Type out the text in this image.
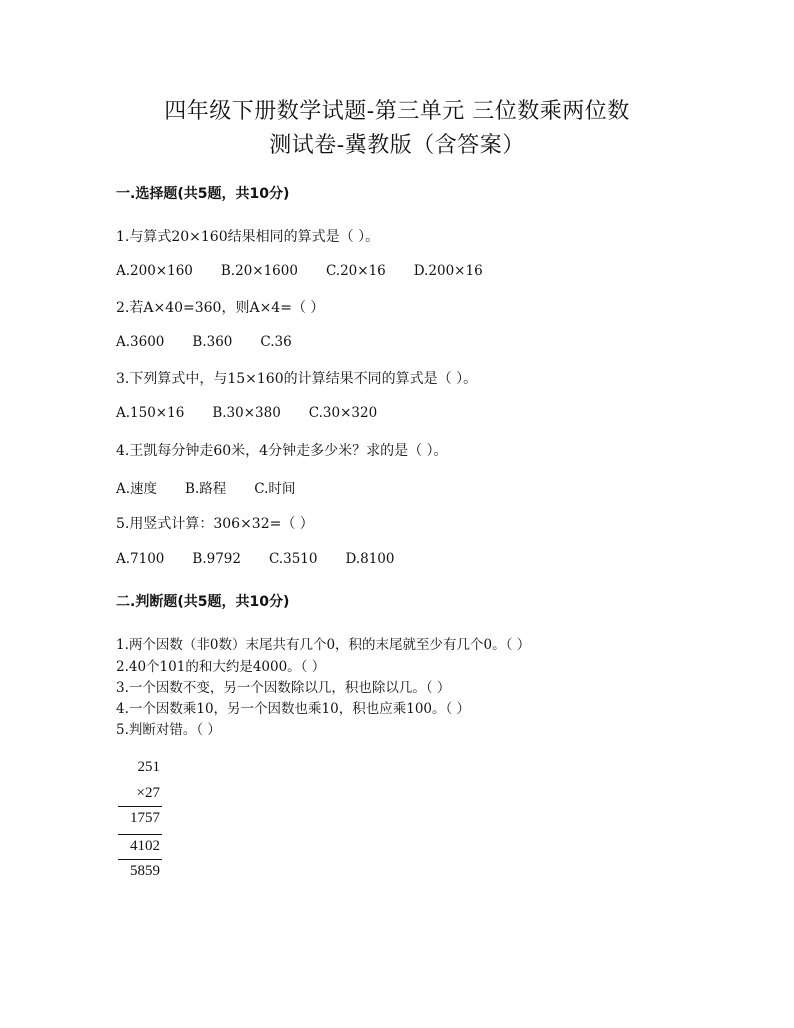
四年级下册数学试题-第三单元 三位数乘两位数
测试卷-冀教版（含答案）
一.选择题(共5题，共10分)
1.与算式20×160结果相同的算式是（ ）。
A.200×160 B.20×1600 C.20×16 D.200×16
2.若A×40=360，则A×4=（ ）
A.3600 B.360 C.36
3.下列算式中，与15×160的计算结果不同的算式是（ ）。
A.150×16 B.30×380 C.30×320
4.王凯每分钟走60米，4分钟走多少米？求的是（ ）。
A.速度 B.路程 C.时间
5.用竖式计算：306×32=（ ）
A.7100 B.9792 C.3510 D.8100
二.判断题(共5题，共10分)
1.两个因数（非0数）末尾共有几个0，积的末尾就至少有几个0。（ ）
2.40个101的和大约是4000。（ ）
3.一个因数不变，另一个因数除以几，积也除以几。（ ）
4.一个因数乘10，另一个因数也乘10，积也应乘100。（ ）
5.判断对错。（ ）
251
×27
1757
4102
5859
